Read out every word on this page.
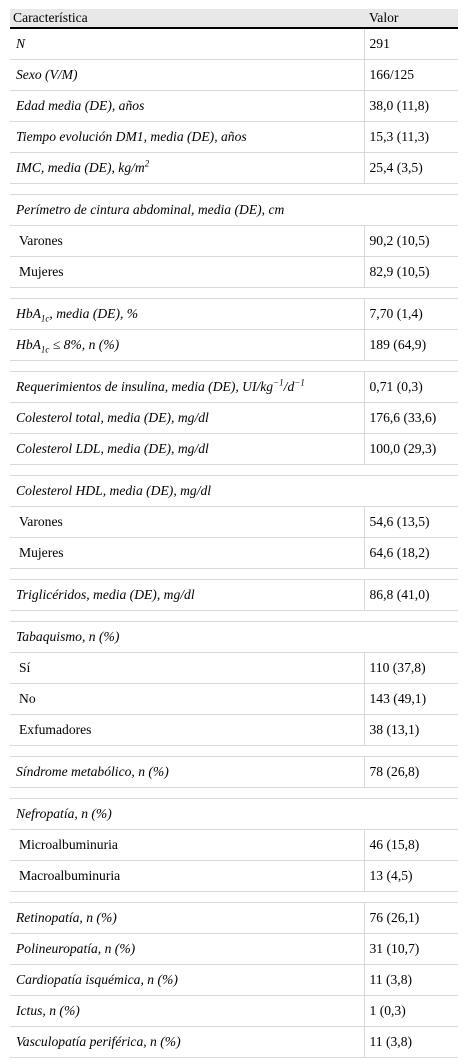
Característica	Valor
N	291
Sexo (V/M)	166/125
Edad media (DE), años	38,0 (11,8)
Tiempo evolución DM1, media (DE), años	15,3 (11,3)
IMC, media (DE), $kg/m^2$	25,4 (3,5)

Perímetro de cintura abdominal, media (DE), cm	
Varones	90,2 (10,5)
Mujeres	82,9 (10,5)

HbA$_{1c}$, media (DE), %	7,70 (1,4)
HbA$_{1c}$ ≤ 8%, n (%)	189 (64,9)

Requerimientos de insulina, media (DE), $UI/kg^{-1}/d^{-1}$	0,71 (0,3)
Colesterol total, media (DE), mg/dl	176,6 (33,6)
Colesterol LDL, media (DE), mg/dl	100,0 (29,3)

Colesterol HDL, media (DE), mg/dl	
Varones	54,6 (13,5)
Mujeres	64,6 (18,2)

Triglicéridos, media (DE), mg/dl	86,8 (41,0)

Tabaquismo, n (%)	
Sí	110 (37,8)
No	143 (49,1)
Exfumadores	38 (13,1)

Síndrome metabólico, n (%)	78 (26,8)

Nefropatía, n (%)	
Microalbuminuria	46 (15,8)
Macroalbuminuria	13 (4,5)

Retinopatía, n (%)	76 (26,1)
Polineuropatía, n (%)	31 (10,7)
Cardiopatía isquémica, n (%)	11 (3,8)
Ictus, n (%)	1 (0,3)
Vasculopatía periférica, n (%)	11 (3,8)
